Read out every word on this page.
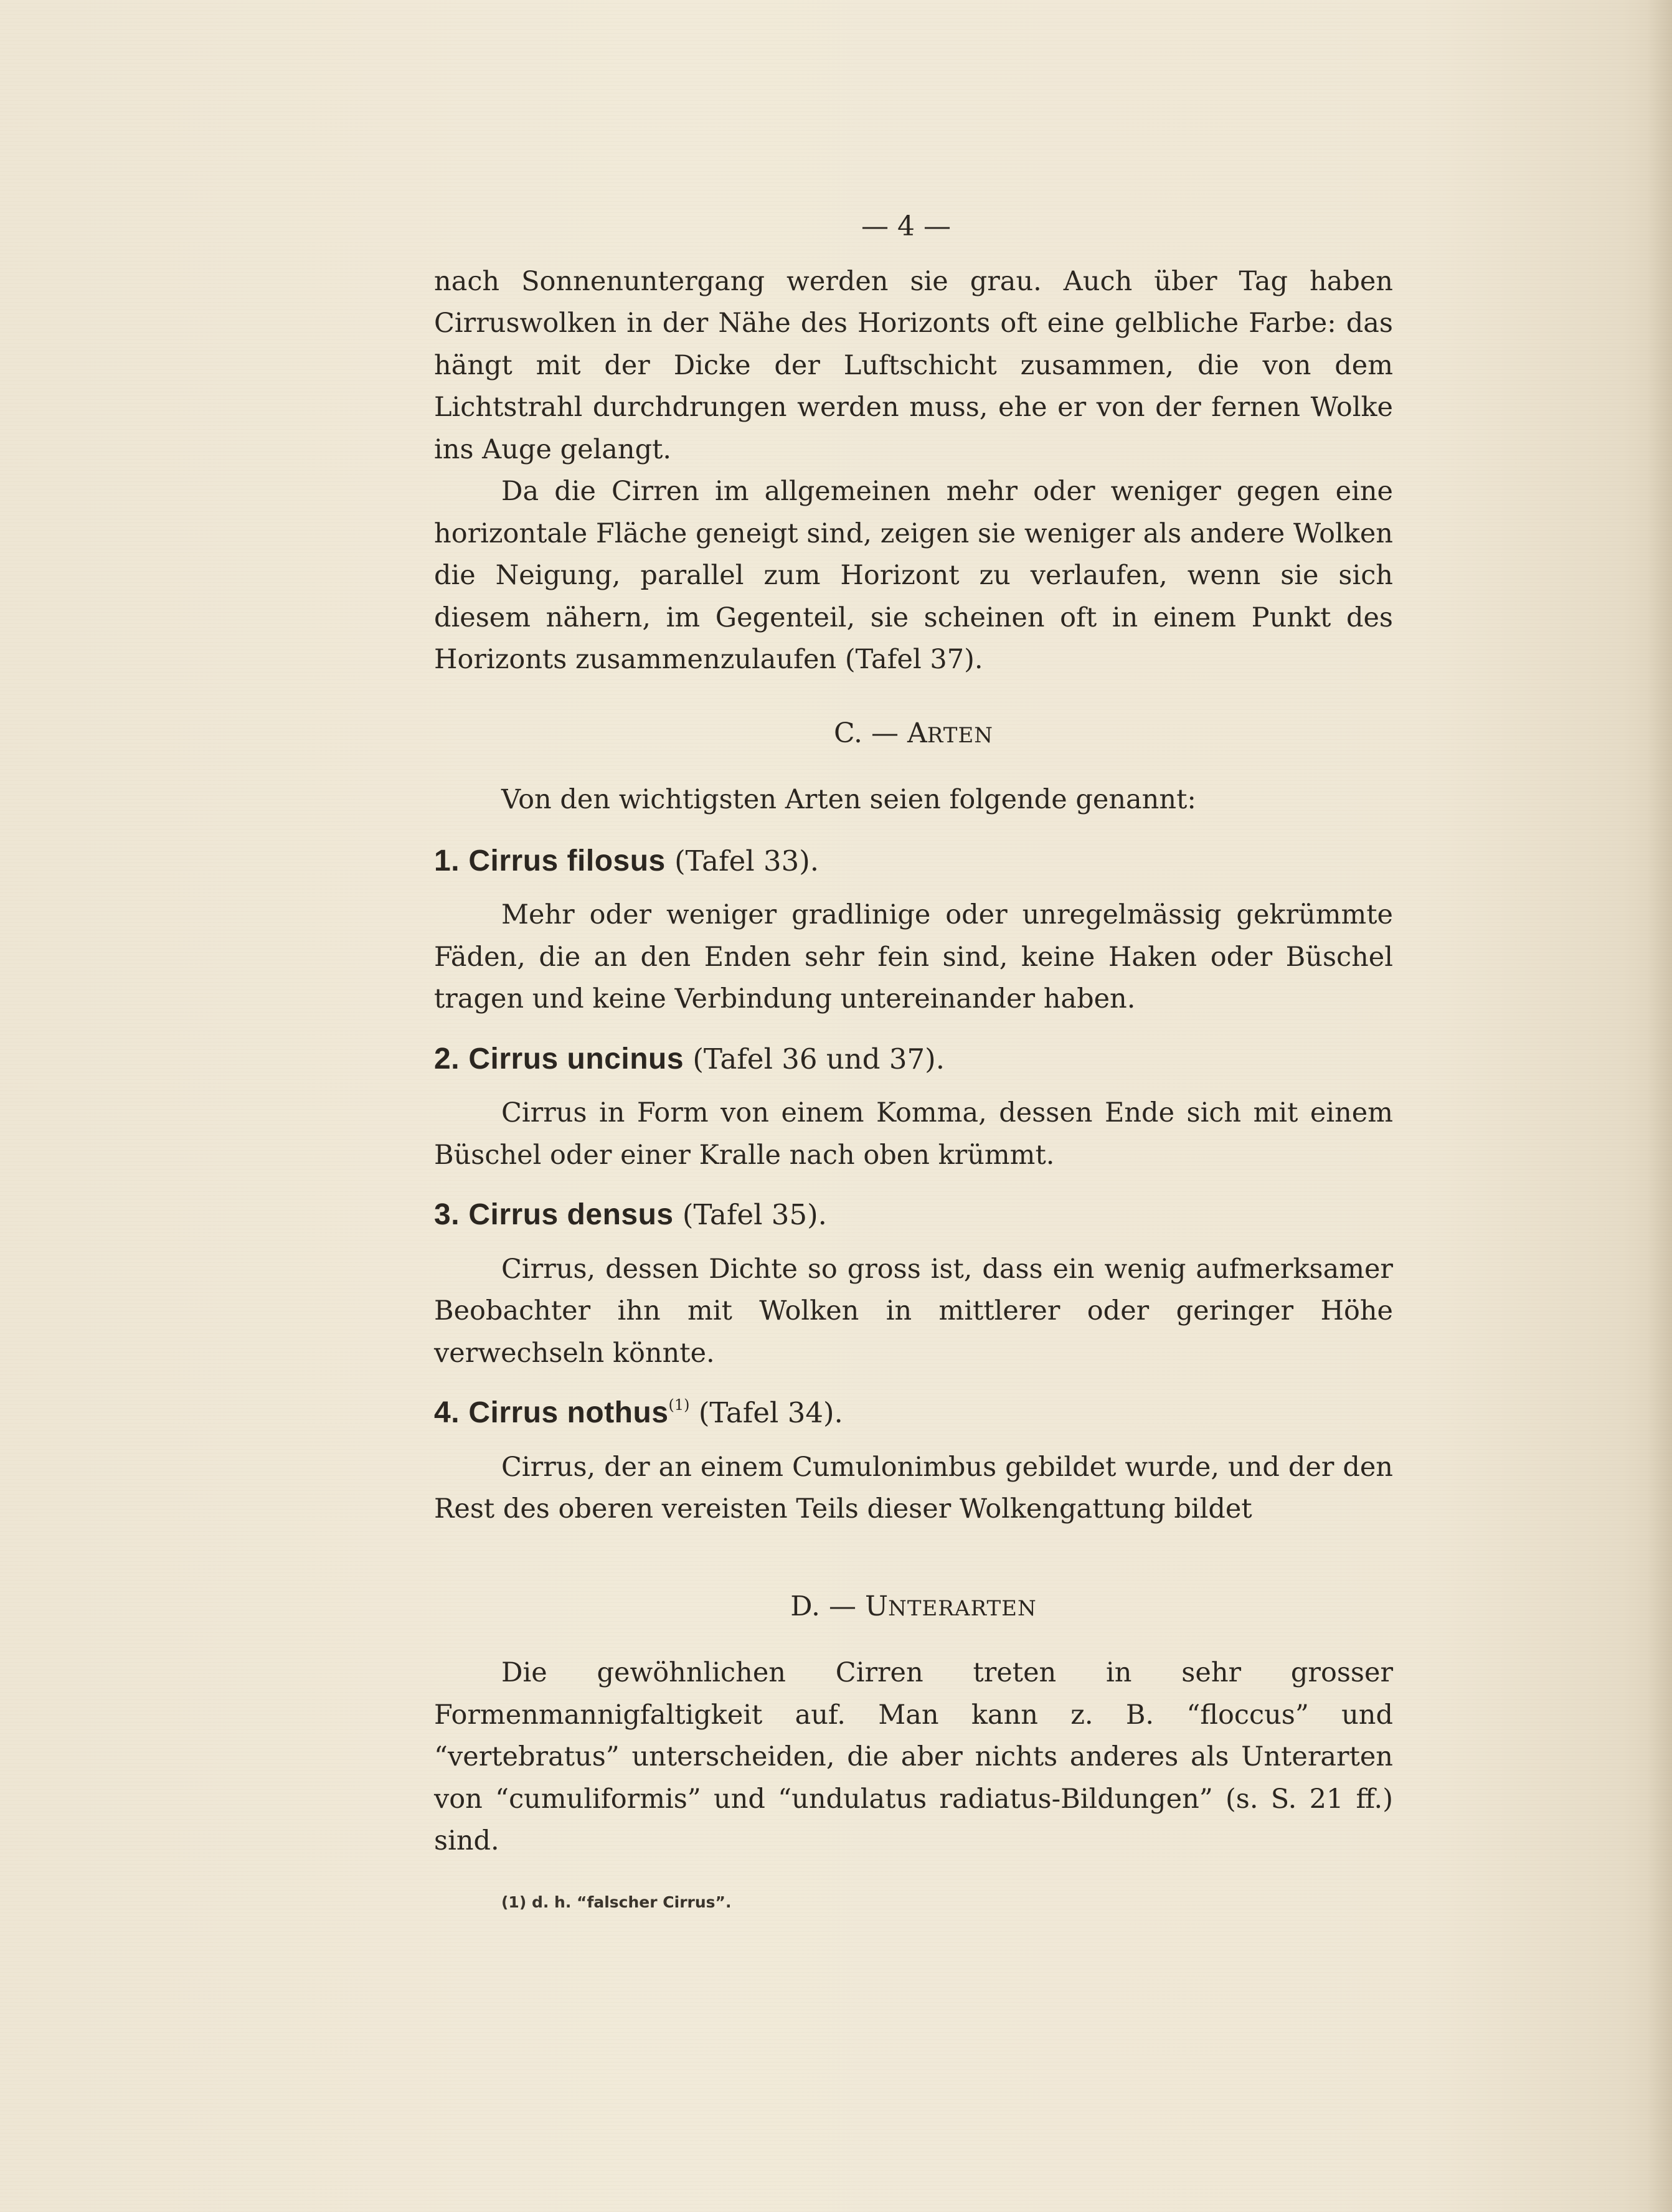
— 4 —

nach Sonnenuntergang werden sie grau. Auch über Tag haben Cirruswolken in der Nähe des Horizonts oft eine gelbliche Farbe: das hängt mit der Dicke der Luftschicht zusammen, die von dem Lichtstrahl durchdrungen werden muss, ehe er von der fernen Wolke ins Auge gelangt.

Da die Cirren im allgemeinen mehr oder weniger gegen eine horizontale Fläche geneigt sind, zeigen sie weniger als andere Wolken die Neigung, parallel zum Horizont zu verlaufen, wenn sie sich diesem nähern, im Gegenteil, sie scheinen oft in einem Punkt des Horizonts zusammenzulaufen (Tafel 37).

C. — ARTEN

Von den wichtigsten Arten seien folgende genannt:

1. Cirrus filosus (Tafel 33).

Mehr oder weniger gradlinige oder unregelmässig gekrümmte Fäden, die an den Enden sehr fein sind, keine Haken oder Büschel tragen und keine Verbindung untereinander haben.

2. Cirrus uncinus (Tafel 36 und 37).

Cirrus in Form von einem Komma, dessen Ende sich mit einem Büschel oder einer Kralle nach oben krümmt.

3. Cirrus densus (Tafel 35).

Cirrus, dessen Dichte so gross ist, dass ein wenig aufmerksamer Beobachter ihn mit Wolken in mittlerer oder geringer Höhe verwechseln könnte.

4. Cirrus nothus$^{(1)}$ (Tafel 34).

Cirrus, der an einem Cumulonimbus gebildet wurde, und der den Rest des oberen vereisten Teils dieser Wolkengattung bildet

D. — UNTERARTEN

Die gewöhnlichen Cirren treten in sehr grosser Formenmannigfaltigkeit auf. Man kann z. B. “floccus” und “vertebratus” unterscheiden, die aber nichts anderes als Unterarten von “cumuliformis” und “undulatus radiatus-Bildungen” (s. S. 21 ff.) sind.

(1) d. h. “falscher Cirrus”.
